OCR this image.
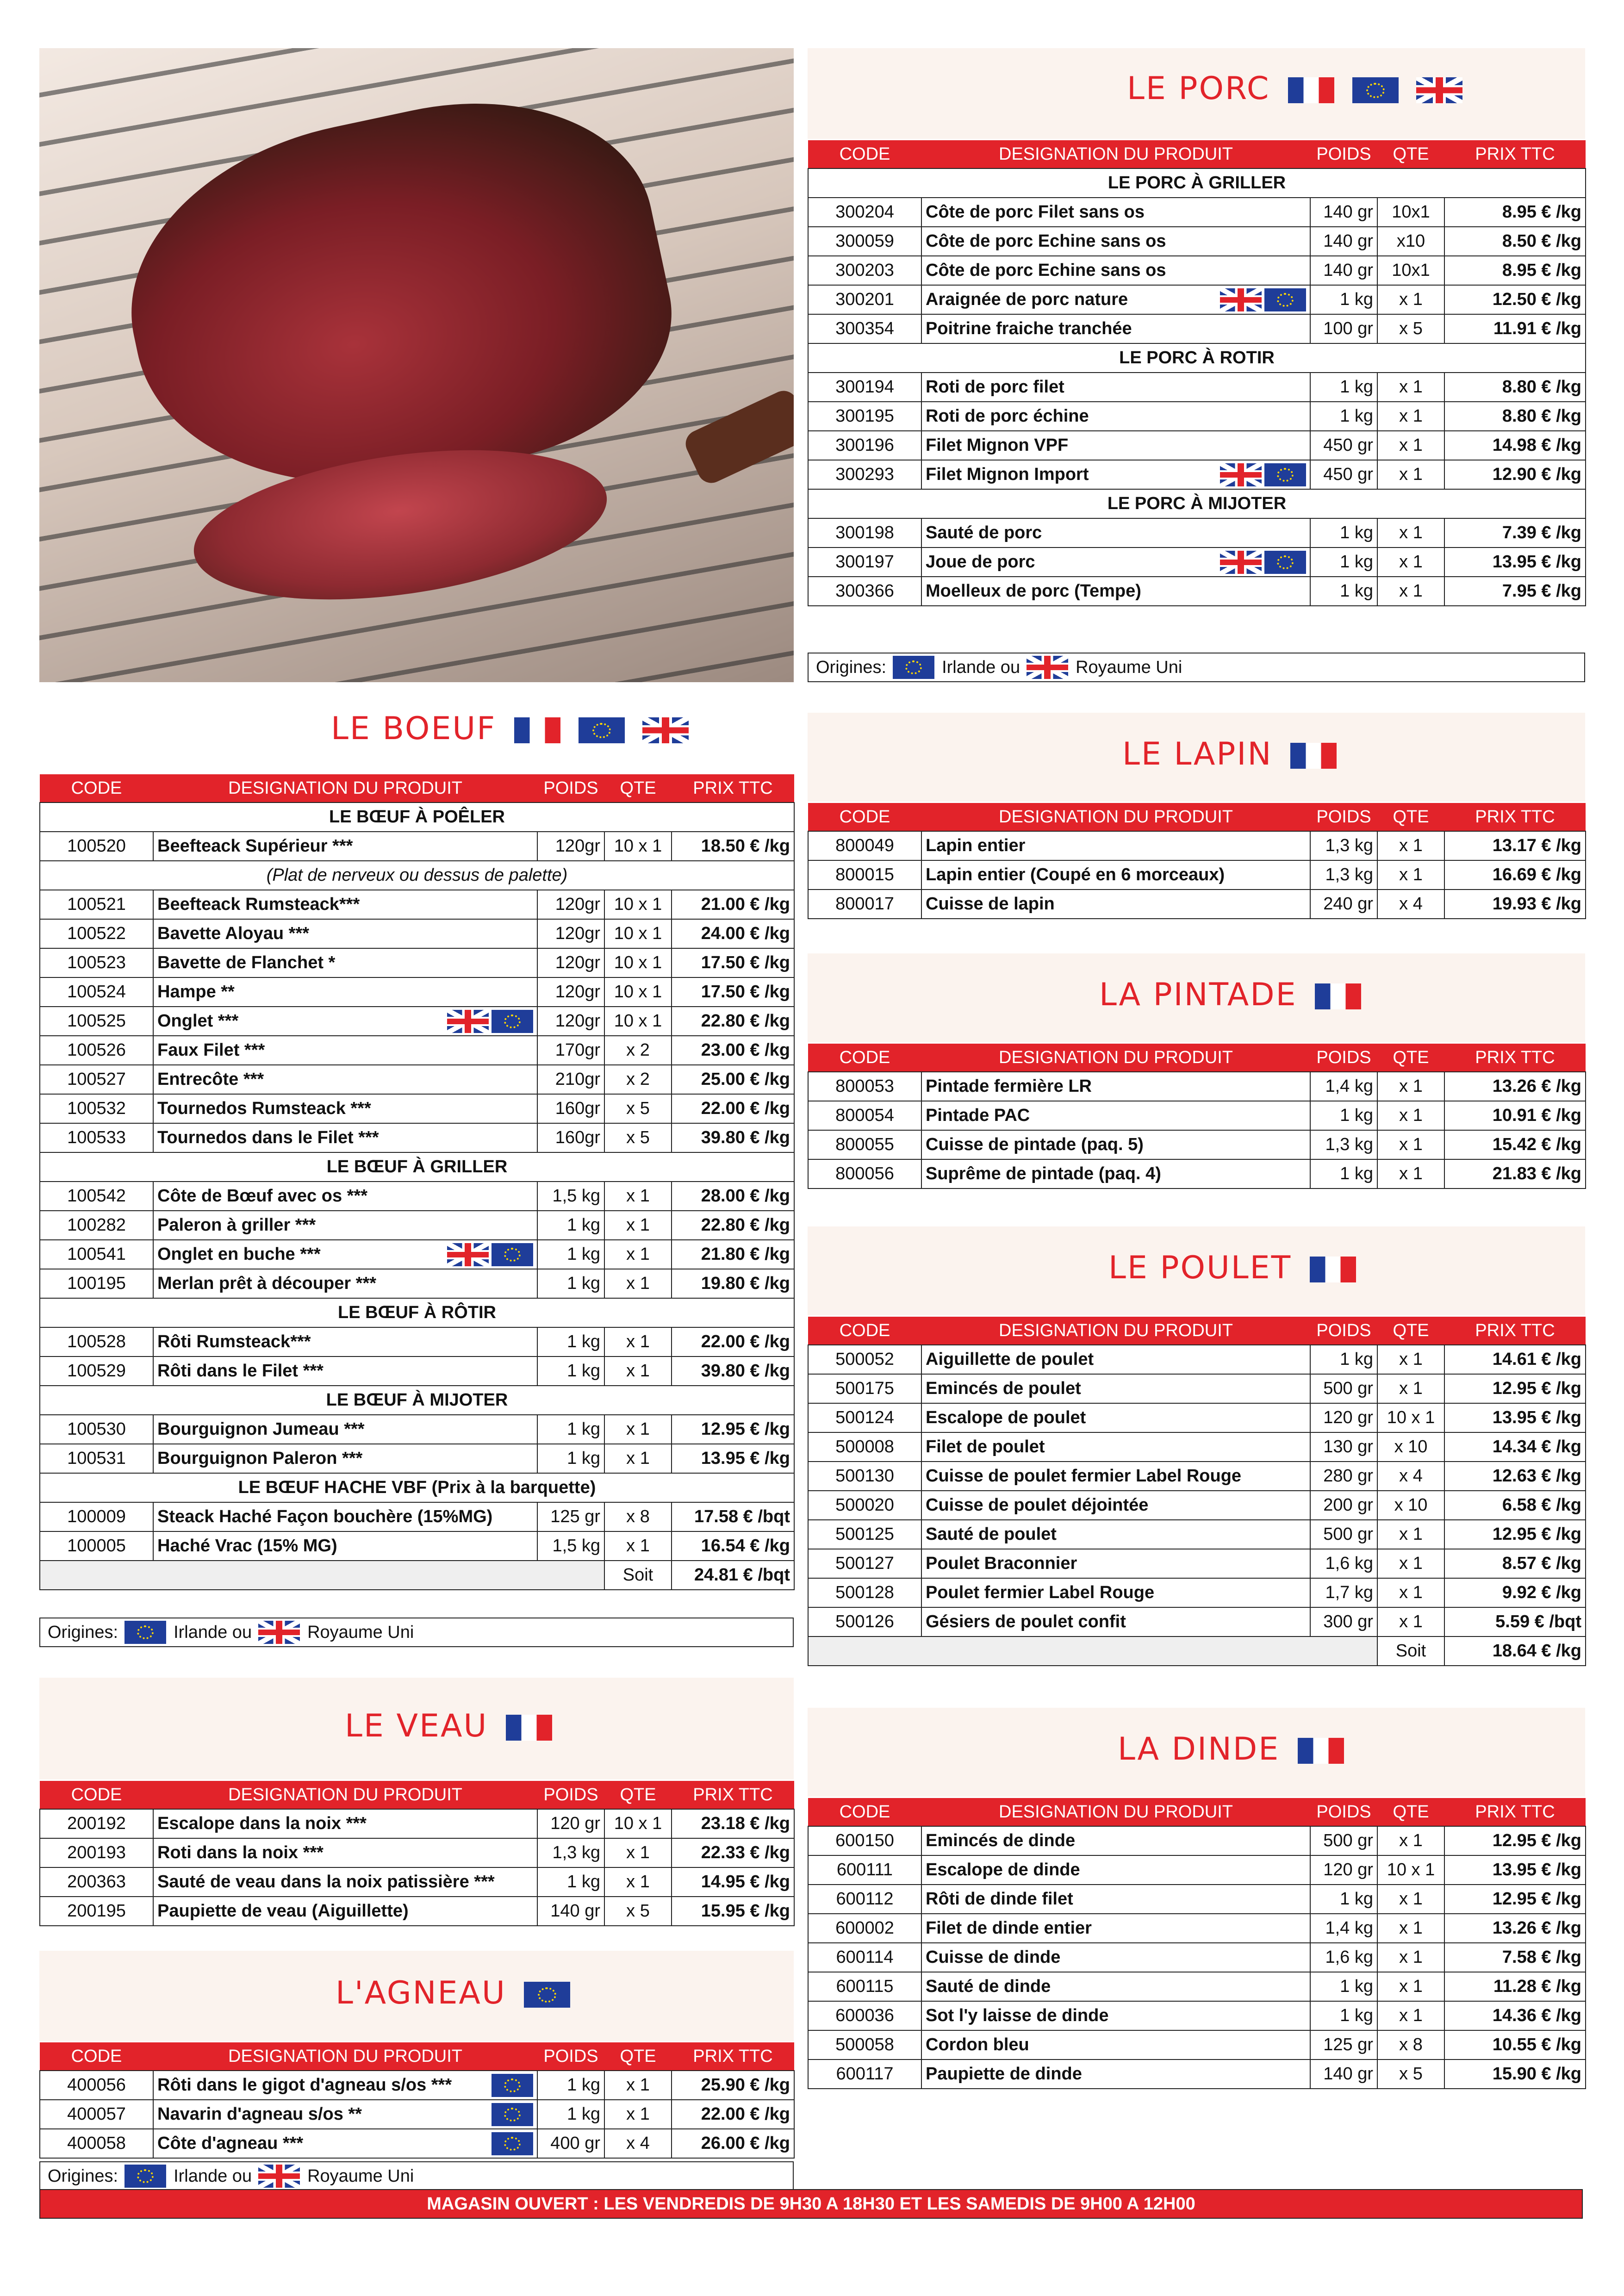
LE PORC
CODE	DESIGNATION DU PRODUIT	POIDS	QTE	PRIX TTC
LE PORC À GRILLER				
300204	Côte de porc Filet sans os	140 gr	10x1	8.95 € /kg
300059	Côte de porc Echine sans os	140 gr	x10	8.50 € /kg
300203	Côte de porc Echine sans os	140 gr	10x1	8.95 € /kg
300201	Araignée de porc nature	1 kg	x 1	12.50 € /kg
300354	Poitrine fraiche tranchée	100 gr	x 5	11.91 € /kg
LE PORC À ROTIR				
300194	Roti de porc filet	1 kg	x 1	8.80 € /kg
300195	Roti de porc échine	1 kg	x 1	8.80 € /kg
300196	Filet Mignon VPF	450 gr	x 1	14.98 € /kg
300293	Filet Mignon Import	450 gr	x 1	12.90 € /kg
LE PORC À MIJOTER				
300198	Sauté de porc	1 kg	x 1	7.39 € /kg
300197	Joue de porc	1 kg	x 1	13.95 € /kg
300366	Moelleux de porc (Tempe)	1 kg	x 1	7.95 € /kg
Origines:	Irlande ou	Royaume Uni
LE BOEUF
CODE	DESIGNATION DU PRODUIT	POIDS	QTE	PRIX TTC
LE BŒUF À POÊLER				
100520	Beefteack Supérieur ***	120gr	10 x 1	18.50 € /kg
(Plat de nerveux ou dessus de palette)				
100521	Beefteack Rumsteack***	120gr	10 x 1	21.00 € /kg
100522	Bavette Aloyau ***	120gr	10 x 1	24.00 € /kg
100523	Bavette de Flanchet *	120gr	10 x 1	17.50 € /kg
100524	Hampe **	120gr	10 x 1	17.50 € /kg
100525	Onglet ***	120gr	10 x 1	22.80 € /kg
100526	Faux Filet ***	170gr	x 2	23.00 € /kg
100527	Entrecôte ***	210gr	x 2	25.00 € /kg
100532	Tournedos Rumsteack ***	160gr	x 5	22.00 € /kg
100533	Tournedos dans le Filet ***	160gr	x 5	39.80 € /kg
LE BŒUF À GRILLER				
100542	Côte de Bœuf avec os ***	1,5 kg	x 1	28.00 € /kg
100282	Paleron à griller ***	1 kg	x 1	22.80 € /kg
100541	Onglet en buche ***	1 kg	x 1	21.80 € /kg
100195	Merlan prêt à découper ***	1 kg	x 1	19.80 € /kg
LE BŒUF À RÔTIR				
100528	Rôti Rumsteack***	1 kg	x 1	22.00 € /kg
100529	Rôti dans le Filet ***	1 kg	x 1	39.80 € /kg
LE BŒUF À MIJOTER				
100530	Bourguignon Jumeau ***	1 kg	x 1	12.95 € /kg
100531	Bourguignon Paleron ***	1 kg	x 1	13.95 € /kg
LE BŒUF HACHE VBF (Prix à la barquette)				
100009	Steack Haché Façon bouchère (15%MG)	125 gr	x 8	17.58 € /bqt
100005	Haché Vrac (15% MG)	1,5 kg	x 1	16.54 € /kg
			Soit	24.81 € /bqt
Origines:	Irlande ou	Royaume Uni
LE LAPIN
CODE	DESIGNATION DU PRODUIT	POIDS	QTE	PRIX TTC
800049	Lapin entier	1,3 kg	x 1	13.17 € /kg
800015	Lapin entier (Coupé en 6 morceaux)	1,3 kg	x 1	16.69 € /kg
800017	Cuisse de lapin	240 gr	x 4	19.93 € /kg
LA PINTADE
CODE	DESIGNATION DU PRODUIT	POIDS	QTE	PRIX TTC
800053	Pintade fermière LR	1,4 kg	x 1	13.26 € /kg
800054	Pintade PAC	1 kg	x 1	10.91 € /kg
800055	Cuisse de pintade (paq. 5)	1,3 kg	x 1	15.42 € /kg
800056	Suprême de pintade (paq. 4)	1 kg	x 1	21.83 € /kg
LE POULET
CODE	DESIGNATION DU PRODUIT	POIDS	QTE	PRIX TTC
500052	Aiguillette de poulet	1 kg	x 1	14.61 € /kg
500175	Emincés de poulet	500 gr	x 1	12.95 € /kg
500124	Escalope de poulet	120 gr	10 x 1	13.95 € /kg
500008	Filet de poulet	130 gr	x 10	14.34 € /kg
500130	Cuisse de poulet fermier Label Rouge	280 gr	x 4	12.63 € /kg
500020	Cuisse de poulet déjointée	200 gr	x 10	6.58 € /kg
500125	Sauté de poulet	500 gr	x 1	12.95 € /kg
500127	Poulet Braconnier	1,6 kg	x 1	8.57 € /kg
500128	Poulet fermier Label Rouge	1,7 kg	x 1	9.92 € /kg
500126	Gésiers de poulet confit	300 gr	x 1	5.59 € /bqt
			Soit	18.64 € /kg
LE VEAU
CODE	DESIGNATION DU PRODUIT	POIDS	QTE	PRIX TTC
200192	Escalope dans la noix ***	120 gr	10 x 1	23.18 € /kg
200193	Roti dans la noix ***	1,3 kg	x 1	22.33 € /kg
200363	Sauté de veau dans la noix patissière ***	1 kg	x 1	14.95 € /kg
200195	Paupiette de veau (Aiguillette)	140 gr	x 5	15.95 € /kg
LA DINDE
CODE	DESIGNATION DU PRODUIT	POIDS	QTE	PRIX TTC
600150	Emincés de dinde	500 gr	x 1	12.95 € /kg
600111	Escalope de dinde	120 gr	10 x 1	13.95 € /kg
600112	Rôti de dinde filet	1 kg	x 1	12.95 € /kg
600002	Filet de dinde entier	1,4 kg	x 1	13.26 € /kg
600114	Cuisse de dinde	1,6 kg	x 1	7.58 € /kg
600115	Sauté de dinde	1 kg	x 1	11.28 € /kg
600036	Sot l'y laisse de dinde	1 kg	x 1	14.36 € /kg
500058	Cordon bleu	125 gr	x 8	10.55 € /kg
600117	Paupiette de dinde	140 gr	x 5	15.90 € /kg
L'AGNEAU
CODE	DESIGNATION DU PRODUIT	POIDS	QTE	PRIX TTC
400056	Rôti dans le gigot d'agneau s/os ***	1 kg	x 1	25.90 € /kg
400057	Navarin d'agneau s/os **	1 kg	x 1	22.00 € /kg
400058	Côte d'agneau ***	400 gr	x 4	26.00 € /kg
Origines:	Irlande ou	Royaume Uni
MAGASIN OUVERT : LES VENDREDIS DE 9H30 A 18H30 ET LES SAMEDIS DE 9H00 A 12H00
